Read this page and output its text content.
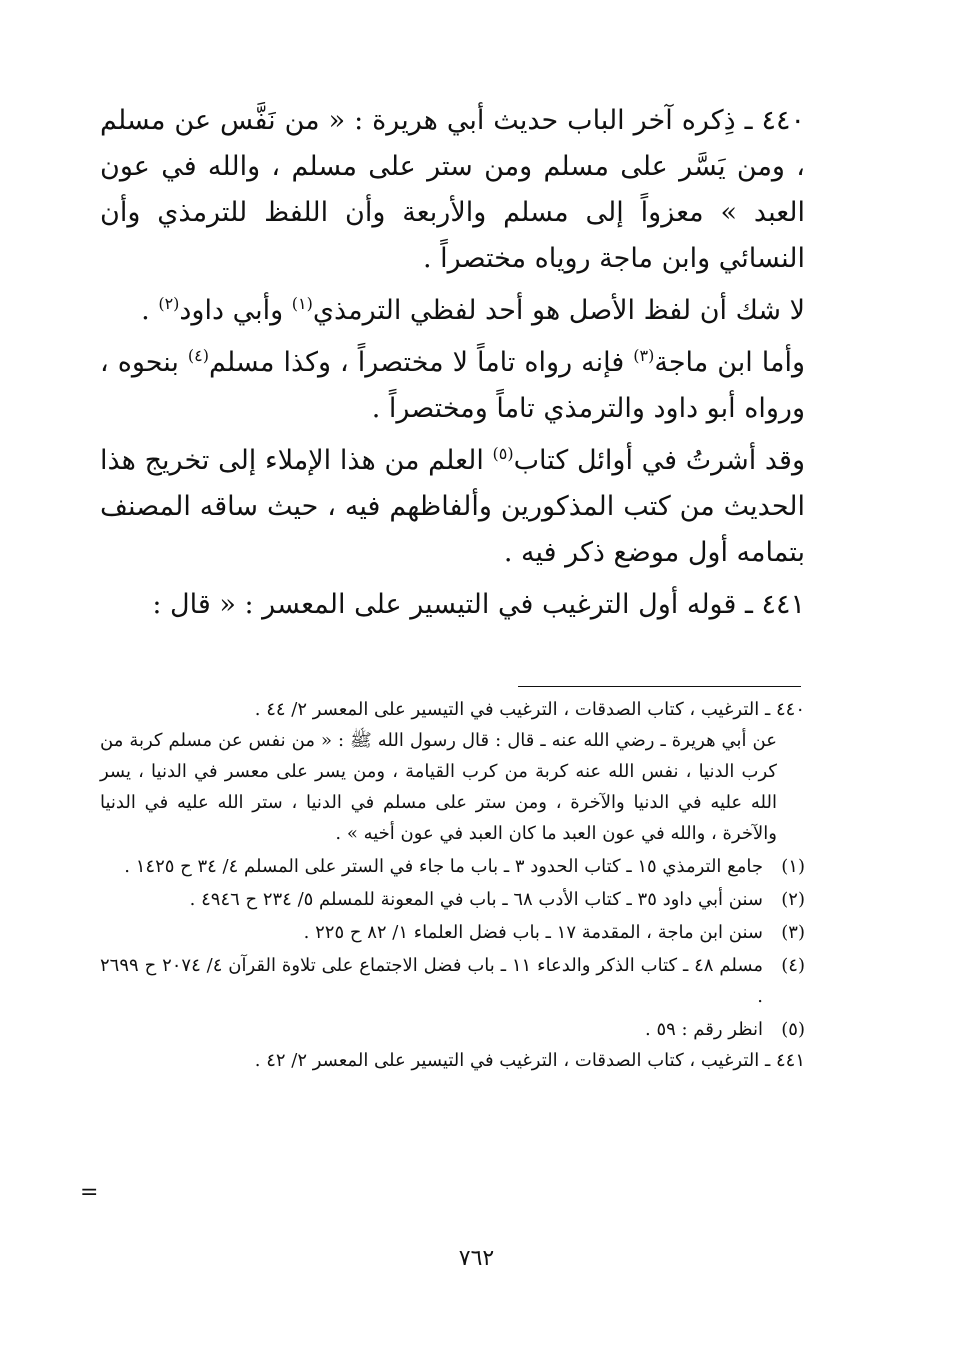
٤٤٠ ـ ذِكره آخر الباب حديث أبي هريرة : « من نَفَّس عن مسلم ، ومن يَسَّر على مسلم ومن ستر على مسلم ، والله في عون العبد » معزواً إلى مسلم والأربعة وأن اللفظ للترمذي وأن النسائي وابن ماجة روياه مختصراً .

لا شك أن لفظ الأصل هو أحد لفظي الترمذي$^{(١)}$ وأبي داود$^{(٢)}$ .

وأما ابن ماجة$^{(٣)}$ فإنه رواه تاماً لا مختصراً ، وكذا مسلم$^{(٤)}$ بنحوه ، ورواه أبو داود والترمذي تاماً ومختصراً .

وقد أشرتُ في أوائل كتاب$^{(٥)}$ العلم من هذا الإملاء إلى تخريج هذا الحديث من كتب المذكورين وألفاظهم فيه ، حيث ساقه المصنف بتمامه أول موضع ذكر فيه .

٤٤١ ـ قوله أول الترغيب في التيسير على المعسر : « قال :

٤٤٠ ـ الترغيب ، كتاب الصدقات ، الترغيب في التيسير على المعسر ٢/ ٤٤ .
عن أبي هريرة ـ رضي الله عنه ـ قال : قال رسول الله ﷺ : « من نفس عن مسلم كربة من كرب الدنيا ، نفس الله عنه كربة من كرب القيامة ، ومن يسر على معسر في الدنيا ، يسر الله عليه في الدنيا والآخرة ، ومن ستر على مسلم في الدنيا ، ستر الله عليه في الدنيا والآخرة ، والله في عون العبد ما كان العبد في عون أخيه » .
(١)
جامع الترمذي ١٥ ـ كتاب الحدود ٣ ـ باب ما جاء في الستر على المسلم ٤/ ٣٤ ح ١٤٢٥ .
(٢)
سنن أبي داود ٣٥ ـ كتاب الأدب ٦٨ ـ باب في المعونة للمسلم ٥/ ٢٣٤ ح ٤٩٤٦ .
(٣)
سنن ابن ماجة ، المقدمة ١٧ ـ باب فضل العلماء ١/ ٨٢ ح ٢٢٥ .
(٤)
مسلم ٤٨ ـ كتاب الذكر والدعاء ١١ ـ باب فضل الاجتماع على تلاوة القرآن ٤/ ٢٠٧٤ ح ٢٦٩٩ .
(٥)
انظر رقم : ٥٩ .
٤٤١ ـ الترغيب ، كتاب الصدقات ، الترغيب في التيسير على المعسر ٢/ ٤٢ .
=
٧٦٢
